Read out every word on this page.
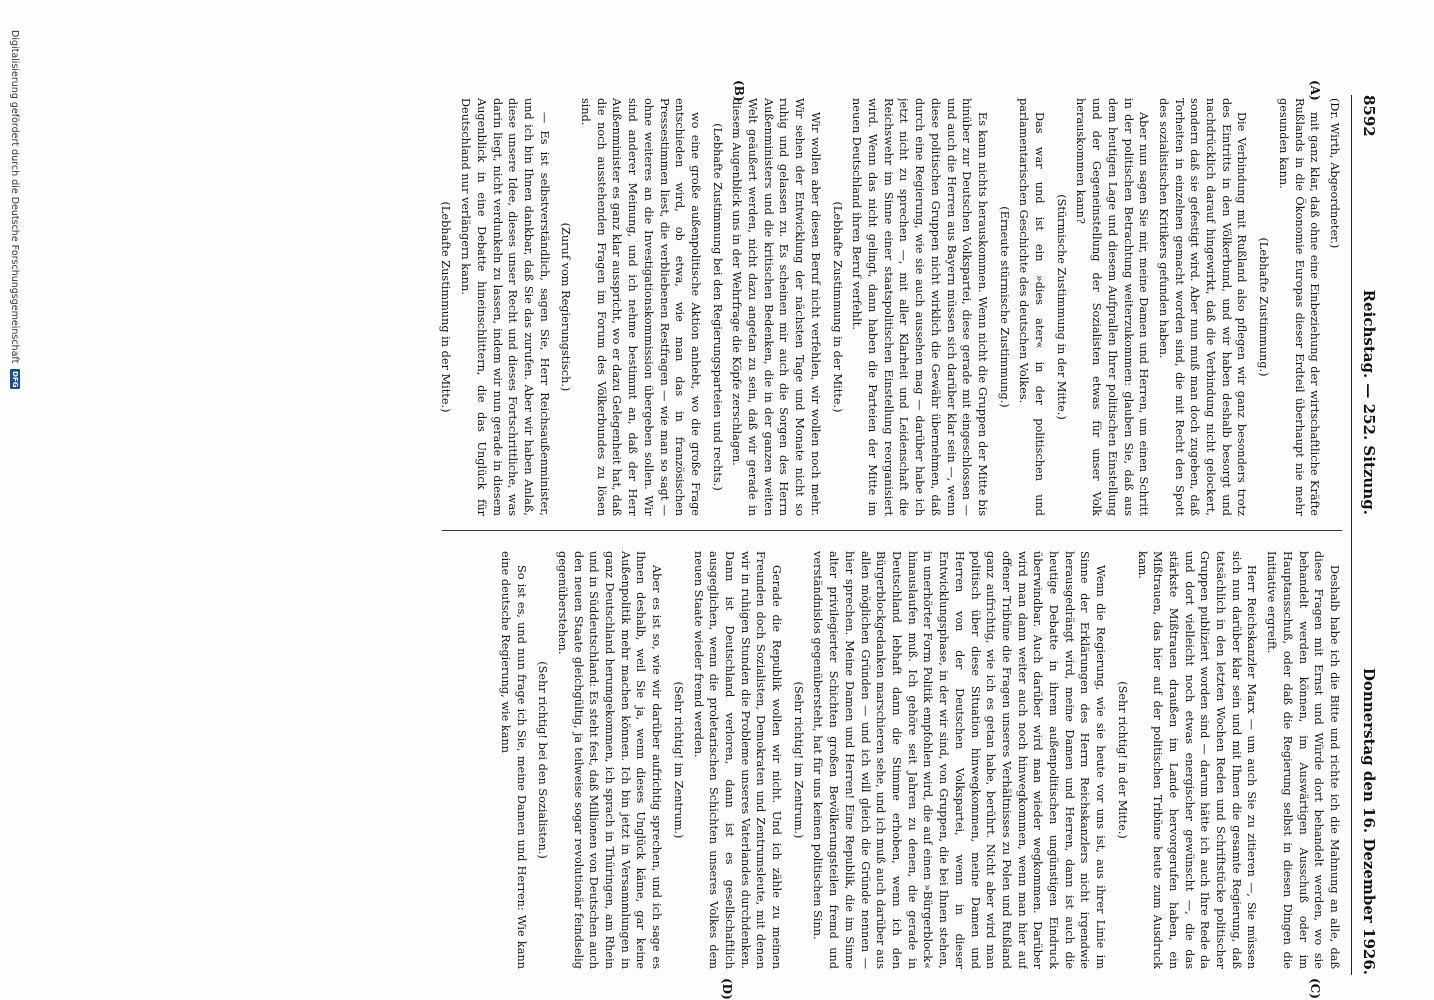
8592
Reichstag. — 252. Sitzung.
Donnerstag den 16. Dezember 1926.

(Dr. Wirth, Abgeordneter.)

mit ganz klar, daß ohne eine Einbeziehung der wirtschaftliche Kräfte Rußlands in die Ökonomie Europas dieser Erdteil überhaupt nie mehr gesunden kann.

(Lebhafte Zustimmung.)

Die Verbindung mit Rußland also pflegen wir ganz besonders trotz des Eintritts in den Völkerbund, und wir haben deshalb besorgt und nachdrücklich darauf hingewirkt, daß die Verbindung nicht gelockert, sondern daß sie gefestigt wird. Aber nun muß man doch zugeben, daß Torheiten in einzelnen gemacht worden sind, die mit Recht den Spott des sozialistischen Kritikers gefunden haben.

Aber nun sagen Sie mir, meine Damen und Herren, um einen Schritt in der politischen Betrachtung weiterzukommen: glauben Sie, daß aus dem heutigen Lage und diesem Aufprallen Ihrer politischen Einstellung und der Gegeneinstellung der Sozialisten etwas für unser Volk herauskommen kann?

(Stürmische Zustimmung in der Mitte.)

Das war und ist ein »dies ater« in der politischen und parlamentarischen Geschichte des deutschen Volkes.

(Erneute stürmische Zustimmung.)

Es kann nichts herauskommen. Wenn nicht die Gruppen der Mitte bis hinüber zur Deutschen Volkspartei, diese gerade mit eingeschlossen — und auch die Herren aus Bayern müssen sich darüber klar sein —, wenn diese politischen Gruppen nicht wirklich die Gewähr übernehmen, daß durch eine Regierung, wie sie auch aussehen mag — darüber habe ich jetzt nicht zu sprechen —, mit aller Klarheit und Leidenschaft die Reichswehr im Sinne einer staatspolitischen Einstellung reorganisiert wird. Wenn das nicht gelingt, dann haben die Parteien der Mitte im neuen Deutschland ihren Beruf verfehlt.

(Lebhafte Zustimmung in der Mitte.)

Wir wollen aber diesen Beruf nicht verfehlen, wir wollen noch mehr. Wir sehen der Entwicklung der nächsten Tage und Monate nicht so ruhig und gelassen zu. Es scheinen mir auch die Sorgen des Herrn Außenministers und die kritischen Bedenken, die in der ganzen weiten Welt geäußert werden, nicht dazu angetan zu sein, daß wir gerade in diesem Augenblick uns in der Wehrfrage die Köpfe zerschlagen.

(Lebhafte Zustimmung bei den Regierungsparteien und rechts.)

wo eine große außenpolitische Aktion anhebt, wo die große Frage entschieden wird, ob etwa, wie man das in französischen Pressestimmen liest, die verbliebenen Restfragen — wie man so sagt — ohne weiteres an die Investigationskommission übergeben sollen. Wir sind anderer Meinung, und ich nehme bestimmt an, daß der Herr Außenminister es ganz klar ausspricht, wo er dazu Gelegenheit hat, daß die noch ausstehenden Fragen im Forum des Völkerbundes zu lösen sind.

(Zuruf vom Regierungstisch.)

— Es ist selbstverständlich, sagen Sie, Herr Reichsaußenminister, und ich bin Ihnen dankbar, daß Sie das zurufen. Aber wir haben Anlaß, diese unsere Idee, dieses unser Recht und dieses Fortschrittliche, was darin liegt, nicht verdunkeln zu lassen, indem wir nun gerade in diesem Augenblick in eine Debatte hineinschlittern, die das Unglück für Deutschland nur verlängern kann.

(Lebhafte Zustimmung in der Mitte.)

Deshalb habe ich die Bitte und richte ich die Mahnung an alle, daß diese Fragen mit Ernst und Würde dort behandelt werden, wo sie behandelt werden können, im Auswärtigen Ausschuß oder im Hauptausschuß, oder daß die Regierung selbst in diesen Dingen die Initiative ergreift.

Herr Reichskanzler Marx — um auch Sie zu zitieren —, Sie müssen sich nun darüber klar sein und mit Ihnen die gesamte Regierung, daß tatsächlich in den letzten Wochen Reden und Schriftstücke politischer Gruppen publiziert worden sind — darum hätte ich auch Ihre Rede da und dort vielleicht noch etwas energischer gewünscht —, die das stärkste Mißtrauen draußen im Lande hervorgerufen haben, ein Mißtrauen, das hier auf der politischen Tribüne heute zum Ausdruck kam.

(Sehr richtig! in der Mitte.)

Wenn die Regierung, wie sie heute vor uns ist, aus ihrer Linie im Sinne der Erklärungen des Herrn Reichskanzlers nicht irgendwie herausgedrängt wird, meine Damen und Herren, dann ist auch die heutige Debatte in ihrem außenpolitischen ungünstigen Eindruck überwindbar. Auch darüber wird man wieder wegkommen. Darüber wird man dann weiter auch noch hinwegkommen, wenn man hier auf offener Tribüne die Fragen unseres Verhältnisses zu Polen und Rußland ganz aufrichtig, wie ich es getan habe, berührt. Nicht aber wird man politisch über diese Situation hinwegkommen, meine Damen und Herren von der Deutschen Volkspartei, wenn in dieser Entwicklungsphase, in der wir sind, von Gruppen, die bei Ihnen stehen, in unerhörter Form Politik empfohlen wird, die auf einen »Bürgerblock« hinauslaufen muß. Ich gehöre seit Jahren zu denen, die gerade in Deutschland lebhaft dann die Stimme erhoben, wenn ich den Bürgerblockgedanken marschieren sehe, und ich muß auch darüber aus allen möglichen Gründen — und ich will gleich die Gründe nennen — hier sprechen. Meine Damen und Herren! Eine Republik, die im Sinne alter privilegierter Schichten großen Bevölkerungsteilen fremd und verständnislos gegenübersteht, hat für uns keinen politischen Sinn.

(Sehr richtig! im Zentrum.)

Gerade die Republik wollen wir nicht. Und ich zähle zu meinen Freunden doch Sozialisten, Demokraten und Zentrumsleute, mit denen wir in ruhigen Stunden die Probleme unseres Vaterlandes durchdenken. Dann ist Deutschland verloren, dann ist es gesellschaftlich ausgeglichen, wenn die proletarischen Schichten unseres Volkes dem neuen Staate wieder fremd werden.

(Sehr richtig! im Zentrum.)

Aber es ist so, wie wir darüber aufrichtig sprechen, und ich sage es Ihnen deshalb, weil Sie ja, wenn dieses Unglück käme, gar keine Außenpolitik mehr machen können. Ich bin jetzt in Versammlungen in ganz Deutschland herumgekommen, ich sprach in Thüringen, am Rhein und in Süddeutschland: Es steht fest, daß Millionen von Deutschen auch den neuen Staate gleichgültig, ja teilweise sogar revolutionär feindselig gegenüberstehen.

(Sehr richtig! bei den Sozialisten.)

So ist es, und nun frage ich Sie, meine Damen und Herren: Wie kann eine deutsche Regierung, wie kann

(A)
(B)
(C)
(D)
Digitalisierung gefördert durch die Deutsche Forschungsgemeinschaft
DFG
